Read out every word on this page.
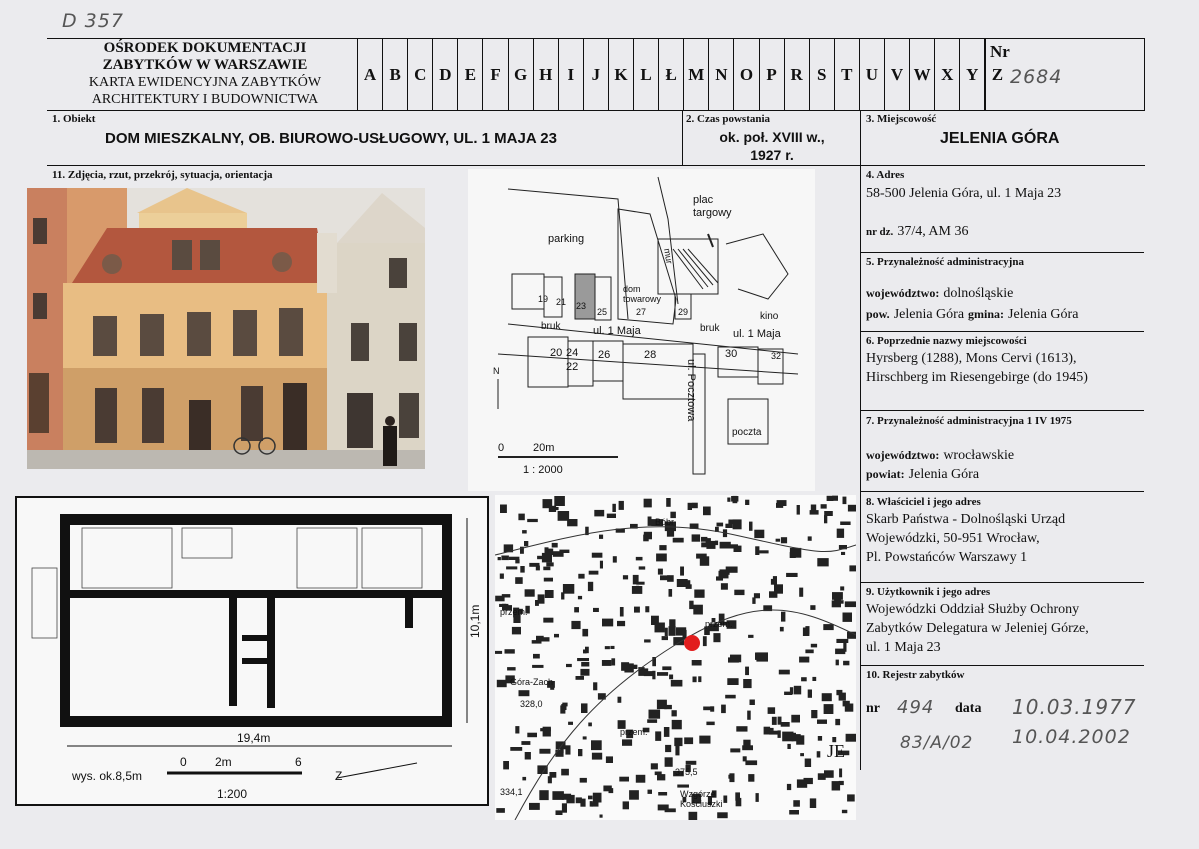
D 357
OŚRODEK DOKUMENTACJI
ZABYTKÓW W WARSZAWIE
KARTA EWIDENCYJNA ZABYTKÓW
ARCHITEKTURY I BUDOWNICTWA
A B C D E F G H I	J K L Ł M N O P R S T U V W X Y Z
Nr
2684
1. Obiekt
DOM MIESZKALNY, OB. BIUROWO-USŁUGOWY, UL. 1 MAJA 23
2. Czas powstania
ok. poł. XVIII w.,
1927 r.
3. Miejscowość
JELENIA GÓRA
11. Zdjęcia, rzut, przekrój, sytuacja, orientacja	4. Adres
58-500 Jelenia Góra, ul. 1 Maja 23
nr dz. 37/4, AM 36
5. Przynależność administracyjna
województwo: dolnośląskie
pow. Jelenia Góra gmina: Jelenia Góra
6. Poprzednie nazwy miejscowości
Hyrsberg (1288), Mons Cervi (1613),
Hirschberg im Riesengebirge (do 1945)
7. Przynależność administracyjna 1 IV 1975
województwo: wrocławskie
powiat: Jelenia Góra
8. Właściciel i jego adres
Skarb Państwa - Dolnośląski Urząd
Wojewódzki, 50-951 Wrocław,
Pl. Powstańców Warszawy 1
9. Użytkownik i jego adres
Wojewódzki Oddział Służby Ochrony
Zabytków Delegatura w Jeleniej Górze,
ul. 1 Maja 23
10. Rejestr zabytków
nr 494 data 10.03.1977
10.04.2002
83/A/02
parking
plac
targowy
mur
dom
towarowy
bruk	ul. 1 Maja	bruk ul. 1 Maja
kino
ul. Pocztowa
poczta
19 21 23
25	27	29
20 24
22
26	28	30	32
N
0	20m
1 : 2000
19,4m
10,1m
wys. ok.8,5m
0 2m	6
Z
1:200
Bóbr
Góra-Zach
przem.
przem.
przem.
375,5
334,1
328,0
Wzgórze
Kościuszki
JE
